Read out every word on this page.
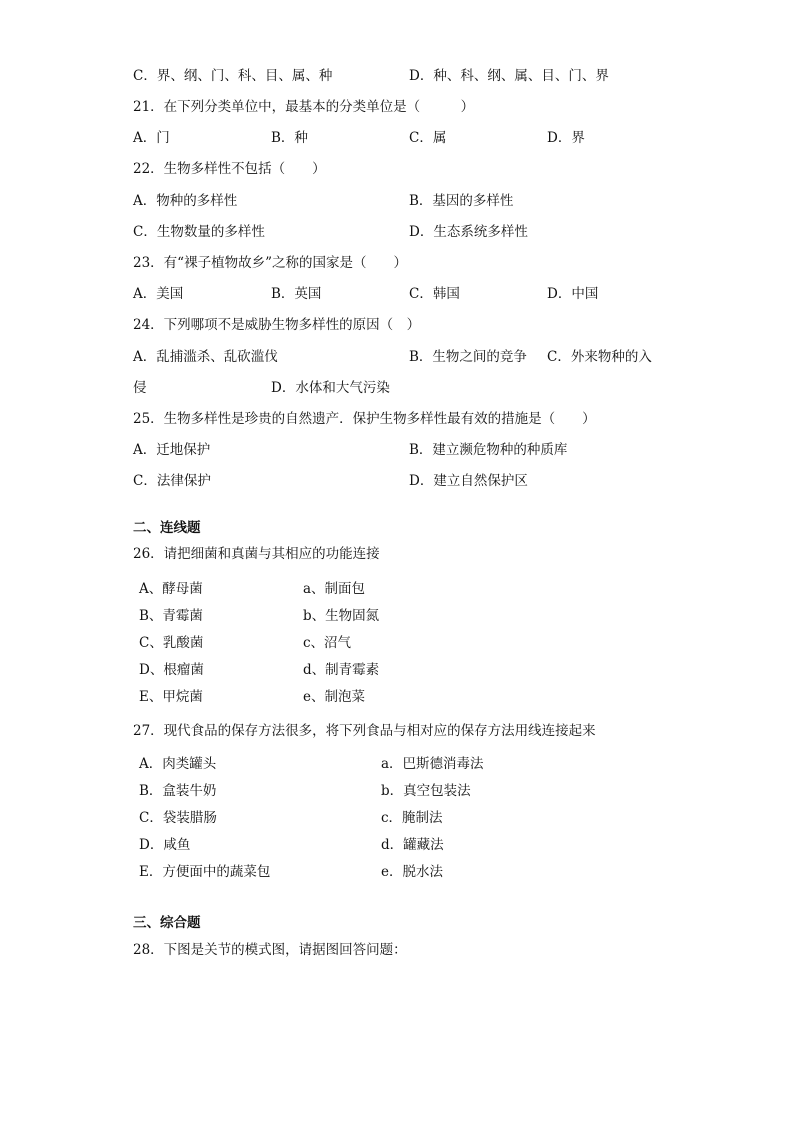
C．界、纲、门、科、目、属、种	D．种、科、纲、属、目、门、界
21．在下列分类单位中，最基本的分类单位是（　　　）
A．门	B．种	C．属	D．界
22．生物多样性不包括（　　）
A．物种的多样性	B．基因的多样性
C．生物数量的多样性	D．生态系统多样性
23．有“裸子植物故乡”之称的国家是（　　）
A．美国	B．英国	C．韩国	D．中国
24．下列哪项不是威胁生物多样性的原因（　）
A．乱捕滥杀、乱砍滥伐	B．生物之间的竞争 C．外来物种的入
侵	D．水体和大气污染
25．生物多样性是珍贵的自然遗产．保护生物多样性最有效的措施是（　　）
A．迁地保护	B．建立濒危物种的种质库
C．法律保护	D．建立自然保护区
二、连线题
26．请把细菌和真菌与其相应的功能连接
A、酵母菌	a、制面包
B、青霉菌	b、生物固氮
C、乳酸菌	c、沼气
D、根瘤菌	d、制青霉素
E、甲烷菌	e、制泡菜
27．现代食品的保存方法很多，将下列食品与相对应的保存方法用线连接起来
A．肉类罐头	a．巴斯德消毒法
B．盒装牛奶	b．真空包装法
C．袋装腊肠	c．腌制法
D．咸鱼	d．罐藏法
E．方便面中的蔬菜包	e．脱水法
三、综合题
28．下图是关节的模式图，请据图回答问题：
